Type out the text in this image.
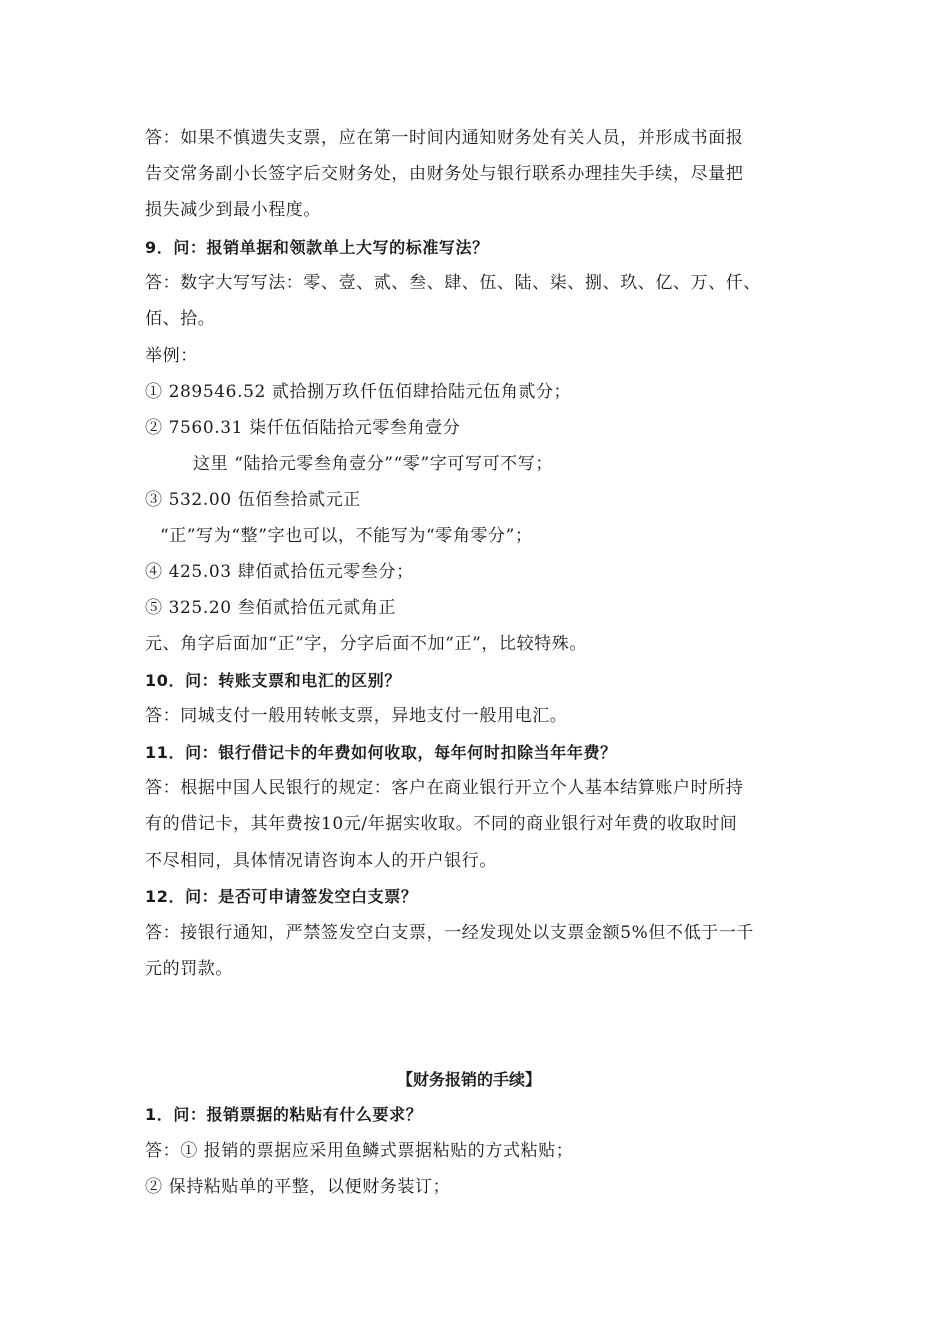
答：如果不慎遗失支票，应在第一时间内通知财务处有关人员，并形成书面报
告交常务副小长签字后交财务处，由财务处与银行联系办理挂失手续，尽量把
损失减少到最小程度。
9．问：报销单据和领款单上大写的标准写法？
答：数字大写写法：零、壹、贰、叁、肆、伍、陆、柒、捌、玖、亿、万、仟、
佰、拾。
举例：
① 289546.52 贰拾捌万玖仟伍佰肆拾陆元伍角贰分；
② 7560.31 柒仟伍佰陆拾元零叁角壹分
这里 “陆拾元零叁角壹分”“零”字可写可不写；
③ 532.00 伍佰叁拾贰元正
“正”写为“整”字也可以，不能写为“零角零分”；
④ 425.03 肆佰贰拾伍元零叁分；
⑤ 325.20 叁佰贰拾伍元贰角正
元、角字后面加“正”字，分字后面不加“正”，比较特殊。
10．问：转账支票和电汇的区别？
答：同城支付一般用转帐支票，异地支付一般用电汇。
11．问：银行借记卡的年费如何收取，每年何时扣除当年年费？
答：根据中国人民银行的规定：客户在商业银行开立个人基本结算账户时所持
有的借记卡，其年费按10元/年据实收取。不同的商业银行对年费的收取时间
不尽相同，具体情况请咨询本人的开户银行。
12．问：是否可申请签发空白支票？
答：接银行通知，严禁签发空白支票，一经发现处以支票金额5%但不低于一千
元的罚款。
【财务报销的手续】
1．问：报销票据的粘贴有什么要求？
答：① 报销的票据应采用鱼鳞式票据粘贴的方式粘贴；
② 保持粘贴单的平整，以便财务装订；
